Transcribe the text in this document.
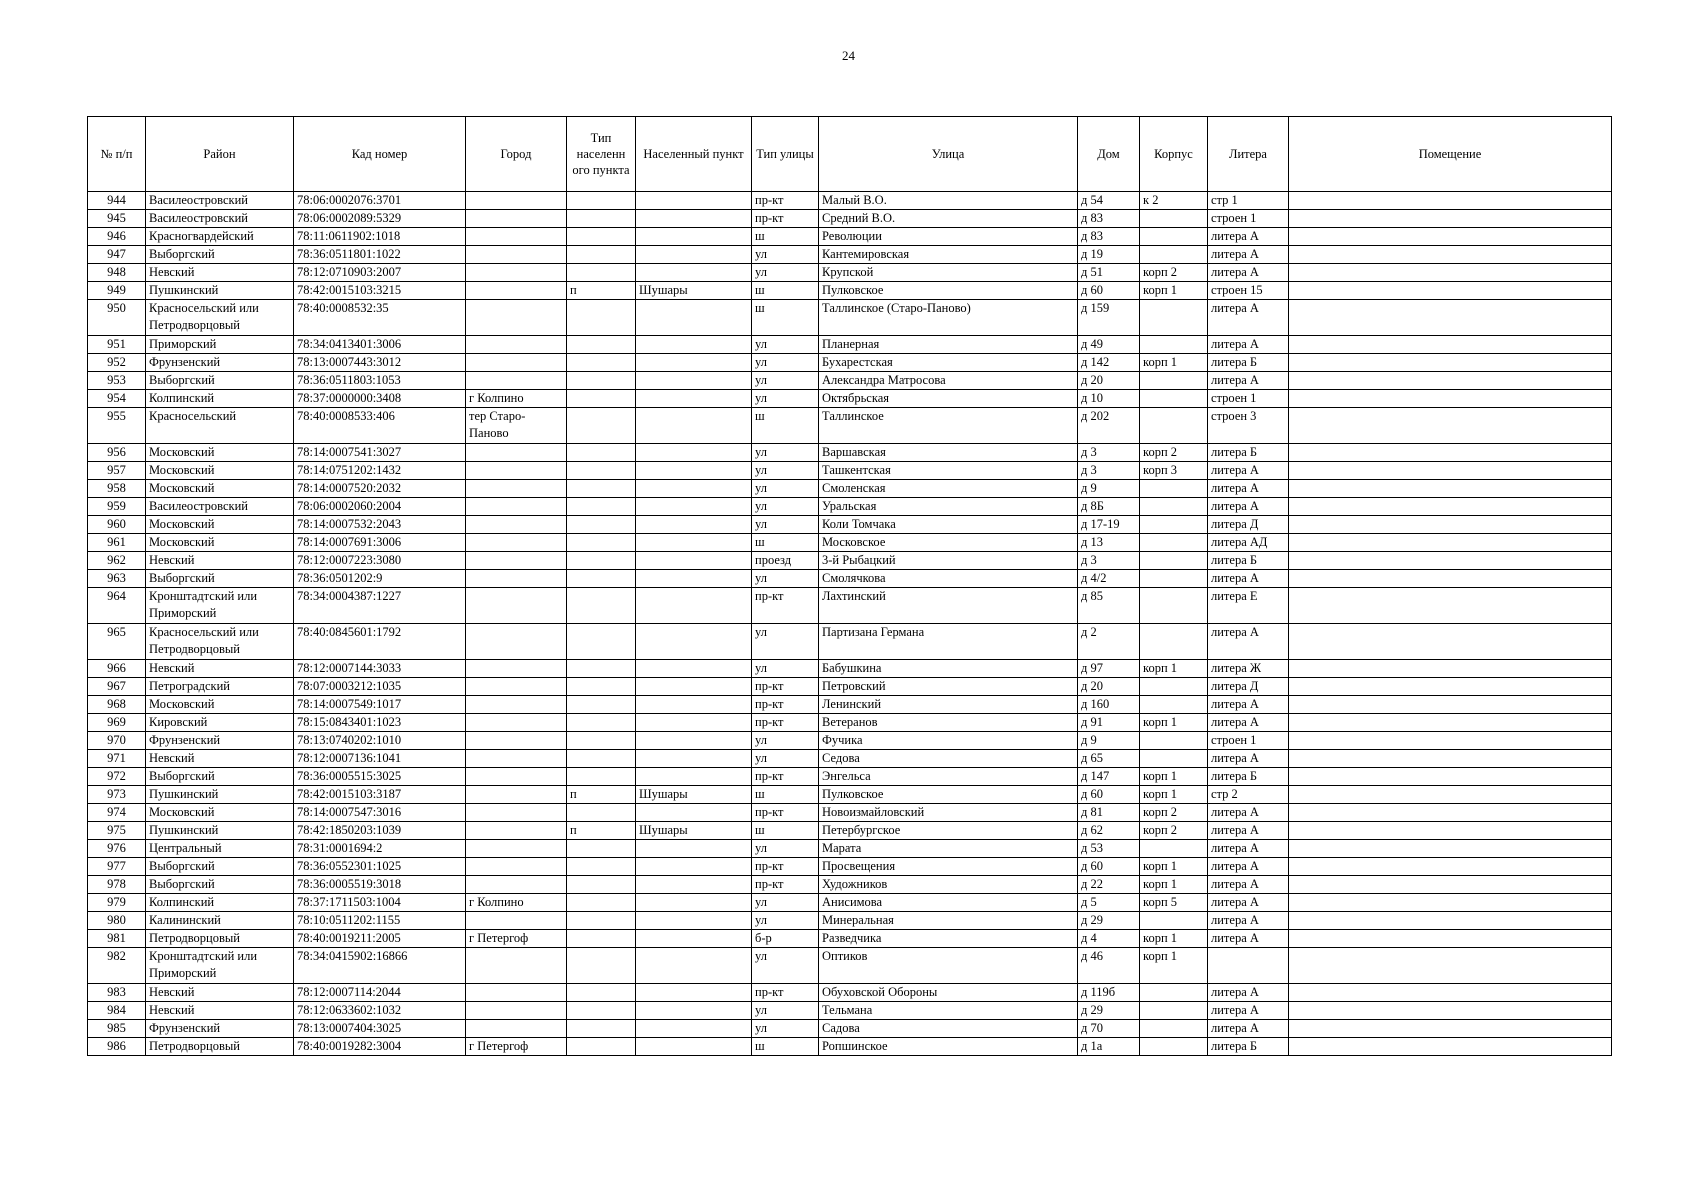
24
№ п/п	Район	Кад номер	Город	Тип населенн ого пункта	Населенный пункт	Тип улицы	Улица	Дом	Корпус	Литера	Помещение
944	Василеостровский	78:06:0002076:3701				пр-кт	Малый В.О.	д 54	к 2	стр 1	
945	Василеостровский	78:06:0002089:5329				пр-кт	Средний В.О.	д 83		строен 1	
946	Красногвардейский	78:11:0611902:1018				ш	Революции	д 83		литера А	
947	Выборгский	78:36:0511801:1022				ул	Кантемировская	д 19		литера А	
948	Невский	78:12:0710903:2007				ул	Крупской	д 51	корп 2	литера А	
949	Пушкинский	78:42:0015103:3215		п	Шушары	ш	Пулковское	д 60	корп 1	строен 15	
950	Красносельский или Петродворцовый	78:40:0008532:35				ш	Таллинское (Старо-Паново)	д 159		литера А	
951	Приморский	78:34:0413401:3006				ул	Планерная	д 49		литера А	
952	Фрунзенский	78:13:0007443:3012				ул	Бухарестская	д 142	корп 1	литера Б	
953	Выборгский	78:36:0511803:1053				ул	Александра Матросова	д 20		литера А	
954	Колпинский	78:37:0000000:3408	г Колпино			ул	Октябрьская	д 10		строен 1	
955	Красносельский	78:40:0008533:406	тер Старо-Паново			ш	Таллинское	д 202		строен 3	
956	Московский	78:14:0007541:3027				ул	Варшавская	д 3	корп 2	литера Б	
957	Московский	78:14:0751202:1432				ул	Ташкентская	д 3	корп 3	литера А	
958	Московский	78:14:0007520:2032				ул	Смоленская	д 9		литера А	
959	Василеостровский	78:06:0002060:2004				ул	Уральская	д 8Б		литера А	
960	Московский	78:14:0007532:2043				ул	Коли Томчака	д 17-19		литера Д	
961	Московский	78:14:0007691:3006				ш	Московское	д 13		литера АД	
962	Невский	78:12:0007223:3080				проезд	3-й Рыбацкий	д 3		литера Б	
963	Выборгский	78:36:0501202:9				ул	Смолячкова	д 4/2		литера А	
964	Кронштадтский или Приморский	78:34:0004387:1227				пр-кт	Лахтинский	д 85		литера Е	
965	Красносельский или Петродворцовый	78:40:0845601:1792				ул	Партизана Германа	д 2		литера А	
966	Невский	78:12:0007144:3033				ул	Бабушкина	д 97	корп 1	литера Ж	
967	Петроградский	78:07:0003212:1035				пр-кт	Петровский	д 20		литера Д	
968	Московский	78:14:0007549:1017				пр-кт	Ленинский	д 160		литера А	
969	Кировский	78:15:0843401:1023				пр-кт	Ветеранов	д 91	корп 1	литера А	
970	Фрунзенский	78:13:0740202:1010				ул	Фучика	д 9		строен 1	
971	Невский	78:12:0007136:1041				ул	Седова	д 65		литера А	
972	Выборгский	78:36:0005515:3025				пр-кт	Энгельса	д 147	корп 1	литера Б	
973	Пушкинский	78:42:0015103:3187		п	Шушары	ш	Пулковское	д 60	корп 1	стр 2	
974	Московский	78:14:0007547:3016				пр-кт	Новоизмайловский	д 81	корп 2	литера А	
975	Пушкинский	78:42:1850203:1039		п	Шушары	ш	Петербургское	д 62	корп 2	литера А	
976	Центральный	78:31:0001694:2				ул	Марата	д 53		литера А	
977	Выборгский	78:36:0552301:1025				пр-кт	Просвещения	д 60	корп 1	литера А	
978	Выборгский	78:36:0005519:3018				пр-кт	Художников	д 22	корп 1	литера А	
979	Колпинский	78:37:1711503:1004	г Колпино			ул	Анисимова	д 5	корп 5	литера А	
980	Калининский	78:10:0511202:1155				ул	Минеральная	д 29		литера А	
981	Петродворцовый	78:40:0019211:2005	г Петергоф			б-р	Разведчика	д 4	корп 1	литера А	
982	Кронштадтский или Приморский	78:34:0415902:16866				ул	Оптиков	д 46	корп 1		
983	Невский	78:12:0007114:2044				пр-кт	Обуховской Обороны	д 119б		литера А	
984	Невский	78:12:0633602:1032				ул	Тельмана	д 29		литера А	
985	Фрунзенский	78:13:0007404:3025				ул	Садова	д 70		литера А	
986	Петродворцовый	78:40:0019282:3004	г Петергоф			ш	Ропшинское	д 1а		литера Б	
